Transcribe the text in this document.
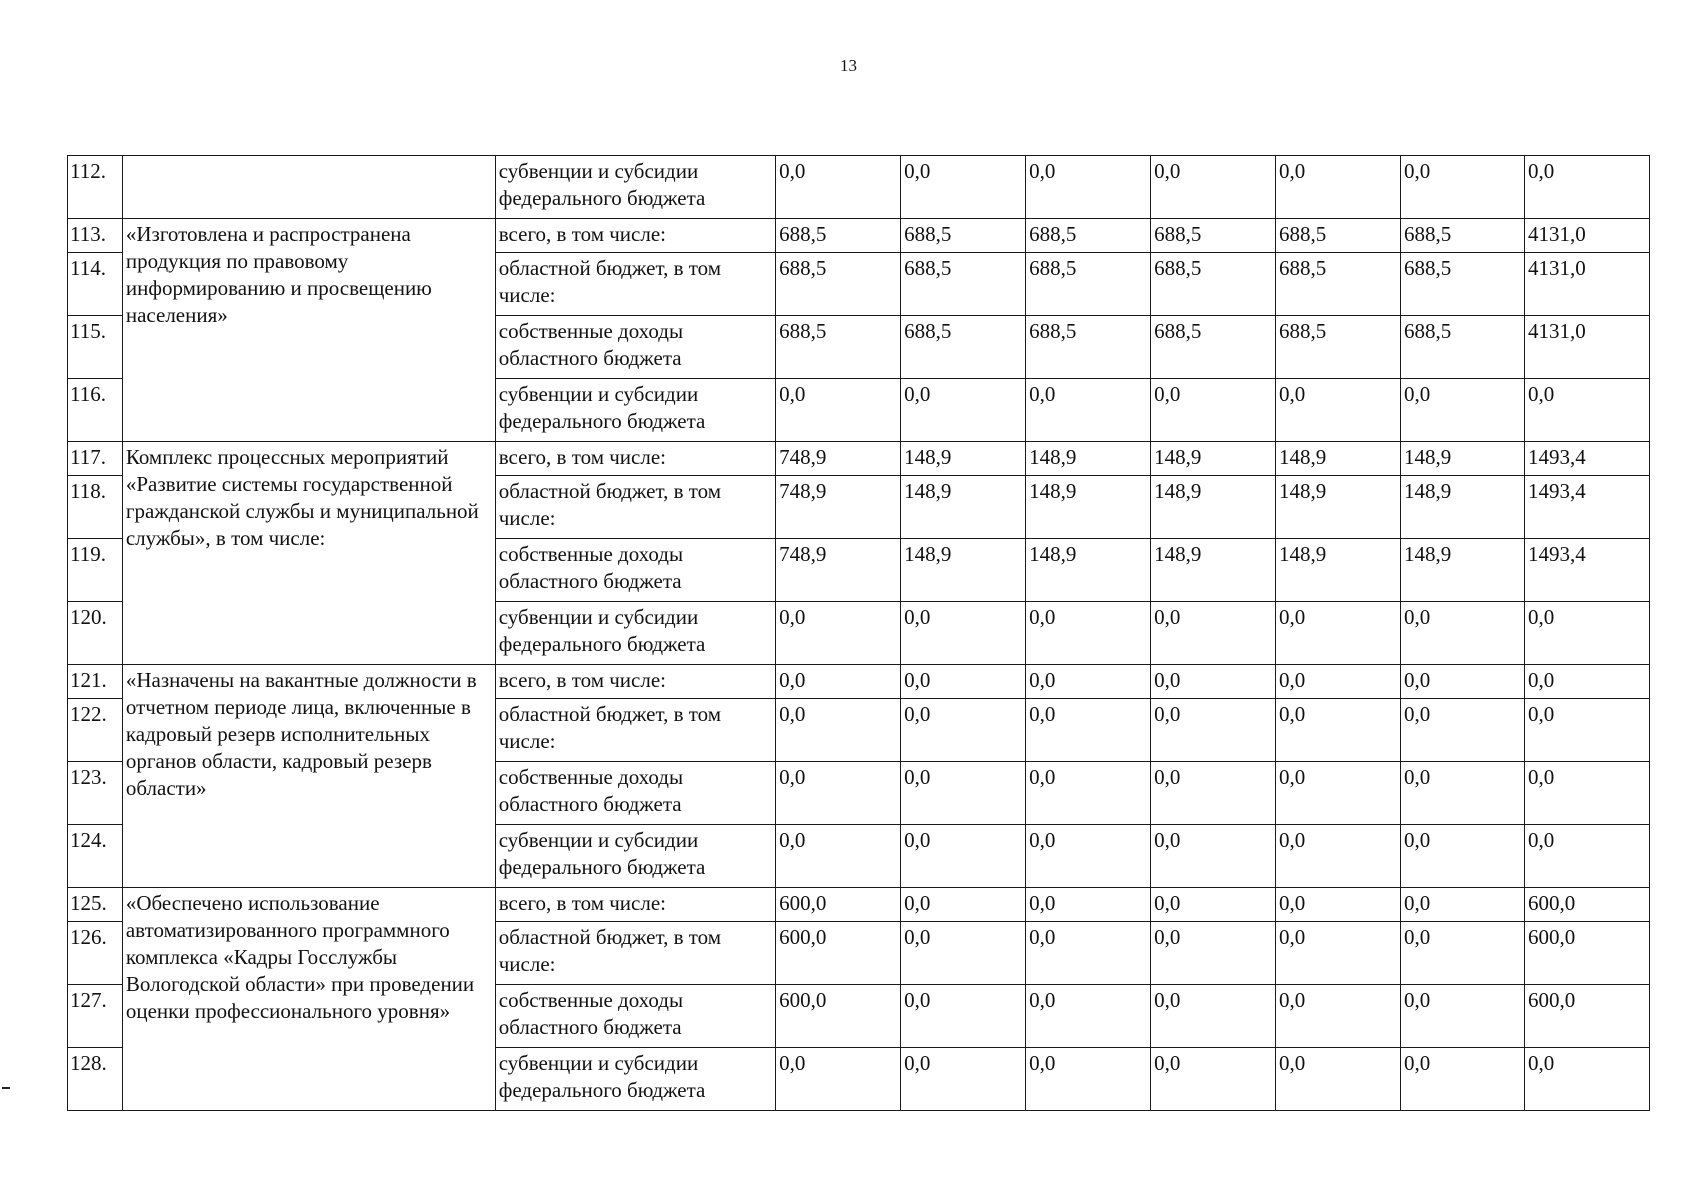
13
112.		субвенции и субсидии федерального бюджета	0,0	0,0	0,0	0,0	0,0	0,0	0,0
113.	«Изготовлена и распространена продукция по правовому информированию и просвещению населения»	всего, в том числе:	688,5	688,5	688,5	688,5	688,5	688,5	4131,0
114.		областной бюджет, в том числе:	688,5	688,5	688,5	688,5	688,5	688,5	4131,0
115.		собственные доходы областного бюджета	688,5	688,5	688,5	688,5	688,5	688,5	4131,0
116.		субвенции и субсидии федерального бюджета	0,0	0,0	0,0	0,0	0,0	0,0	0,0
117.	Комплекс процессных мероприятий «Развитие системы государственной гражданской службы и муниципальной службы», в том числе:	всего, в том числе:	748,9	148,9	148,9	148,9	148,9	148,9	1493,4
118.		областной бюджет, в том числе:	748,9	148,9	148,9	148,9	148,9	148,9	1493,4
119.		собственные доходы областного бюджета	748,9	148,9	148,9	148,9	148,9	148,9	1493,4
120.		субвенции и субсидии федерального бюджета	0,0	0,0	0,0	0,0	0,0	0,0	0,0
121.	«Назначены на вакантные должности в отчетном периоде лица, включенные в кадровый резерв исполнительных органов области, кадровый резерв области»	всего, в том числе:	0,0	0,0	0,0	0,0	0,0	0,0	0,0
122.		областной бюджет, в том числе:	0,0	0,0	0,0	0,0	0,0	0,0	0,0
123.		собственные доходы областного бюджета	0,0	0,0	0,0	0,0	0,0	0,0	0,0
124.		субвенции и субсидии федерального бюджета	0,0	0,0	0,0	0,0	0,0	0,0	0,0
125.	«Обеспечено использование автоматизированного программного комплекса «Кадры Госслужбы Вологодской области» при проведении оценки профессионального уровня»	всего, в том числе:	600,0	0,0	0,0	0,0	0,0	0,0	600,0
126.		областной бюджет, в том числе:	600,0	0,0	0,0	0,0	0,0	0,0	600,0
127.		собственные доходы областного бюджета	600,0	0,0	0,0	0,0	0,0	0,0	600,0
128.		субвенции и субсидии федерального бюджета	0,0	0,0	0,0	0,0	0,0	0,0	0,0
